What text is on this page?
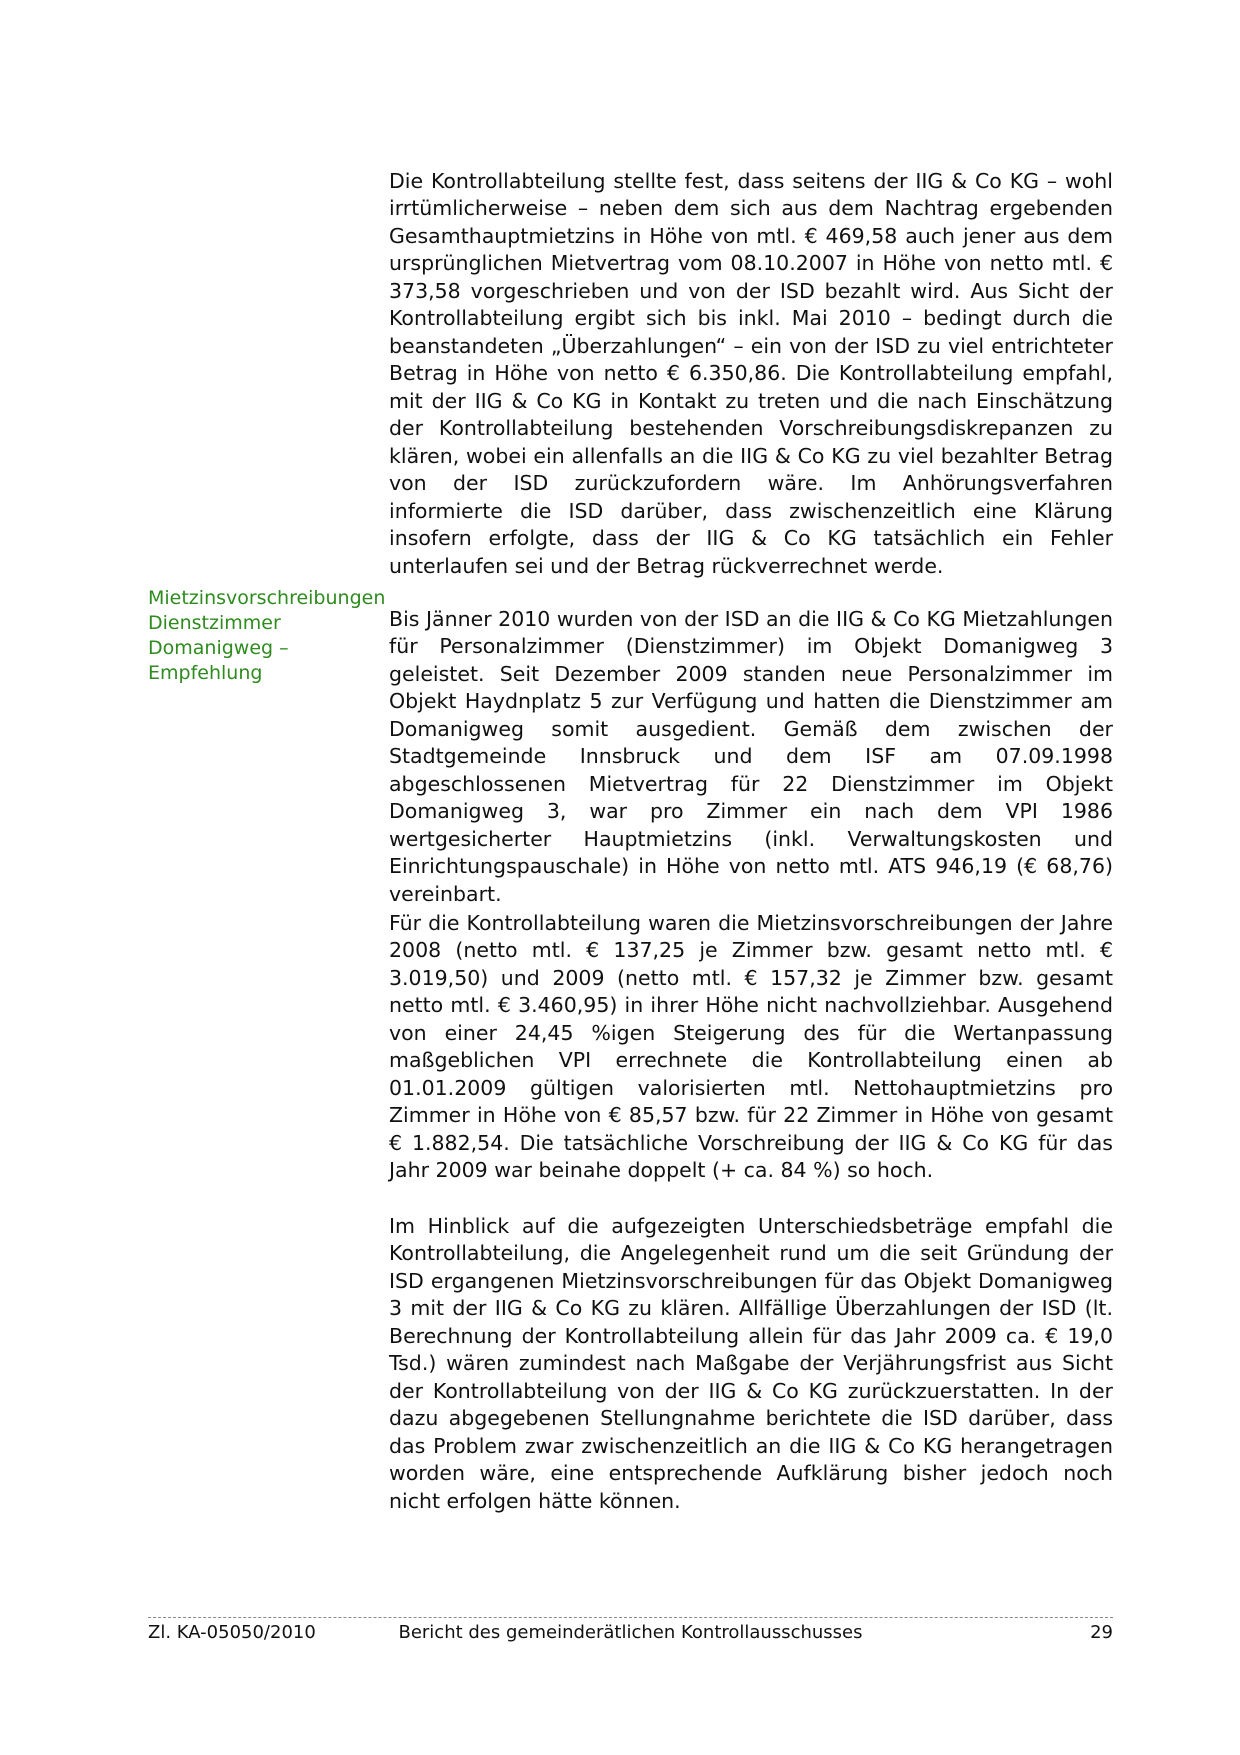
Die Kontrollabteilung stellte fest, dass seitens der IIG & Co KG – wohl irrtümlicherweise – neben dem sich aus dem Nachtrag ergebenden Gesamthauptmietzins in Höhe von mtl. € 469,58 auch jener aus dem ursprünglichen Mietvertrag vom 08.10.2007 in Höhe von netto mtl. € 373,58 vorgeschrieben und von der ISD bezahlt wird. Aus Sicht der Kontrollabteilung ergibt sich bis inkl. Mai 2010 – bedingt durch die beanstandeten „Überzahlungen“ – ein von der ISD zu viel entrichteter Betrag in Höhe von netto € 6.350,86. Die Kontrollabteilung empfahl, mit der IIG & Co KG in Kontakt zu treten und die nach Einschätzung der Kontrollabteilung bestehenden Vorschreibungsdiskrepanzen zu klären, wobei ein allenfalls an die IIG & Co KG zu viel bezahlter Betrag von der ISD zurückzufordern wäre. Im Anhörungsverfahren informierte die ISD darüber, dass zwischenzeitlich eine Klärung insofern erfolgte, dass der IIG & Co KG tatsächlich ein Fehler unterlaufen sei und der Betrag rückverrechnet werde.

Mietzinsvorschreibungen
Dienstzimmer
Domanigweg –
Empfehlung

Bis Jänner 2010 wurden von der ISD an die IIG & Co KG Mietzahlungen für Personalzimmer (Dienstzimmer) im Objekt Domanigweg 3 geleistet. Seit Dezember 2009 standen neue Personalzimmer im Objekt Haydnplatz 5 zur Verfügung und hatten die Dienstzimmer am Domanigweg somit ausgedient. Gemäß dem zwischen der Stadtgemeinde Innsbruck und dem ISF am 07.09.1998 abgeschlossenen Mietvertrag für 22 Dienstzimmer im Objekt Domanigweg 3, war pro Zimmer ein nach dem VPI 1986 wertgesicherter Hauptmietzins (inkl. Verwaltungskosten und Einrichtungspauschale) in Höhe von netto mtl. ATS 946,19 (€ 68,76) vereinbart.

Für die Kontrollabteilung waren die Mietzinsvorschreibungen der Jahre 2008 (netto mtl. € 137,25 je Zimmer bzw. gesamt netto mtl. € 3.019,50) und 2009 (netto mtl. € 157,32 je Zimmer bzw. gesamt netto mtl. € 3.460,95) in ihrer Höhe nicht nachvollziehbar. Ausgehend von einer 24,45 %igen Steigerung des für die Wertanpassung maßgeblichen VPI errechnete die Kontrollabteilung einen ab 01.01.2009 gültigen valorisierten mtl. Nettohauptmietzins pro Zimmer in Höhe von € 85,57 bzw. für 22 Zimmer in Höhe von gesamt € 1.882,54. Die tatsächliche Vorschreibung der IIG & Co KG für das Jahr 2009 war beinahe doppelt (+ ca. 84 %) so hoch.

Im Hinblick auf die aufgezeigten Unterschiedsbeträge empfahl die Kontrollabteilung, die Angelegenheit rund um die seit Gründung der ISD ergangenen Mietzinsvorschreibungen für das Objekt Domanigweg 3 mit der IIG & Co KG zu klären. Allfällige Überzahlungen der ISD (lt. Berechnung der Kontrollabteilung allein für das Jahr 2009 ca. € 19,0 Tsd.) wären zumindest nach Maßgabe der Verjährungsfrist aus Sicht der Kontrollabteilung von der IIG & Co KG zurückzuerstatten. In der dazu abgegebenen Stellungnahme berichtete die ISD darüber, dass das Problem zwar zwischenzeitlich an die IIG & Co KG herangetragen worden wäre, eine entsprechende Aufklärung bisher jedoch noch nicht erfolgen hätte können.

Zl. KA-05050/2010	Bericht des gemeinderätlichen Kontrollausschusses	29
